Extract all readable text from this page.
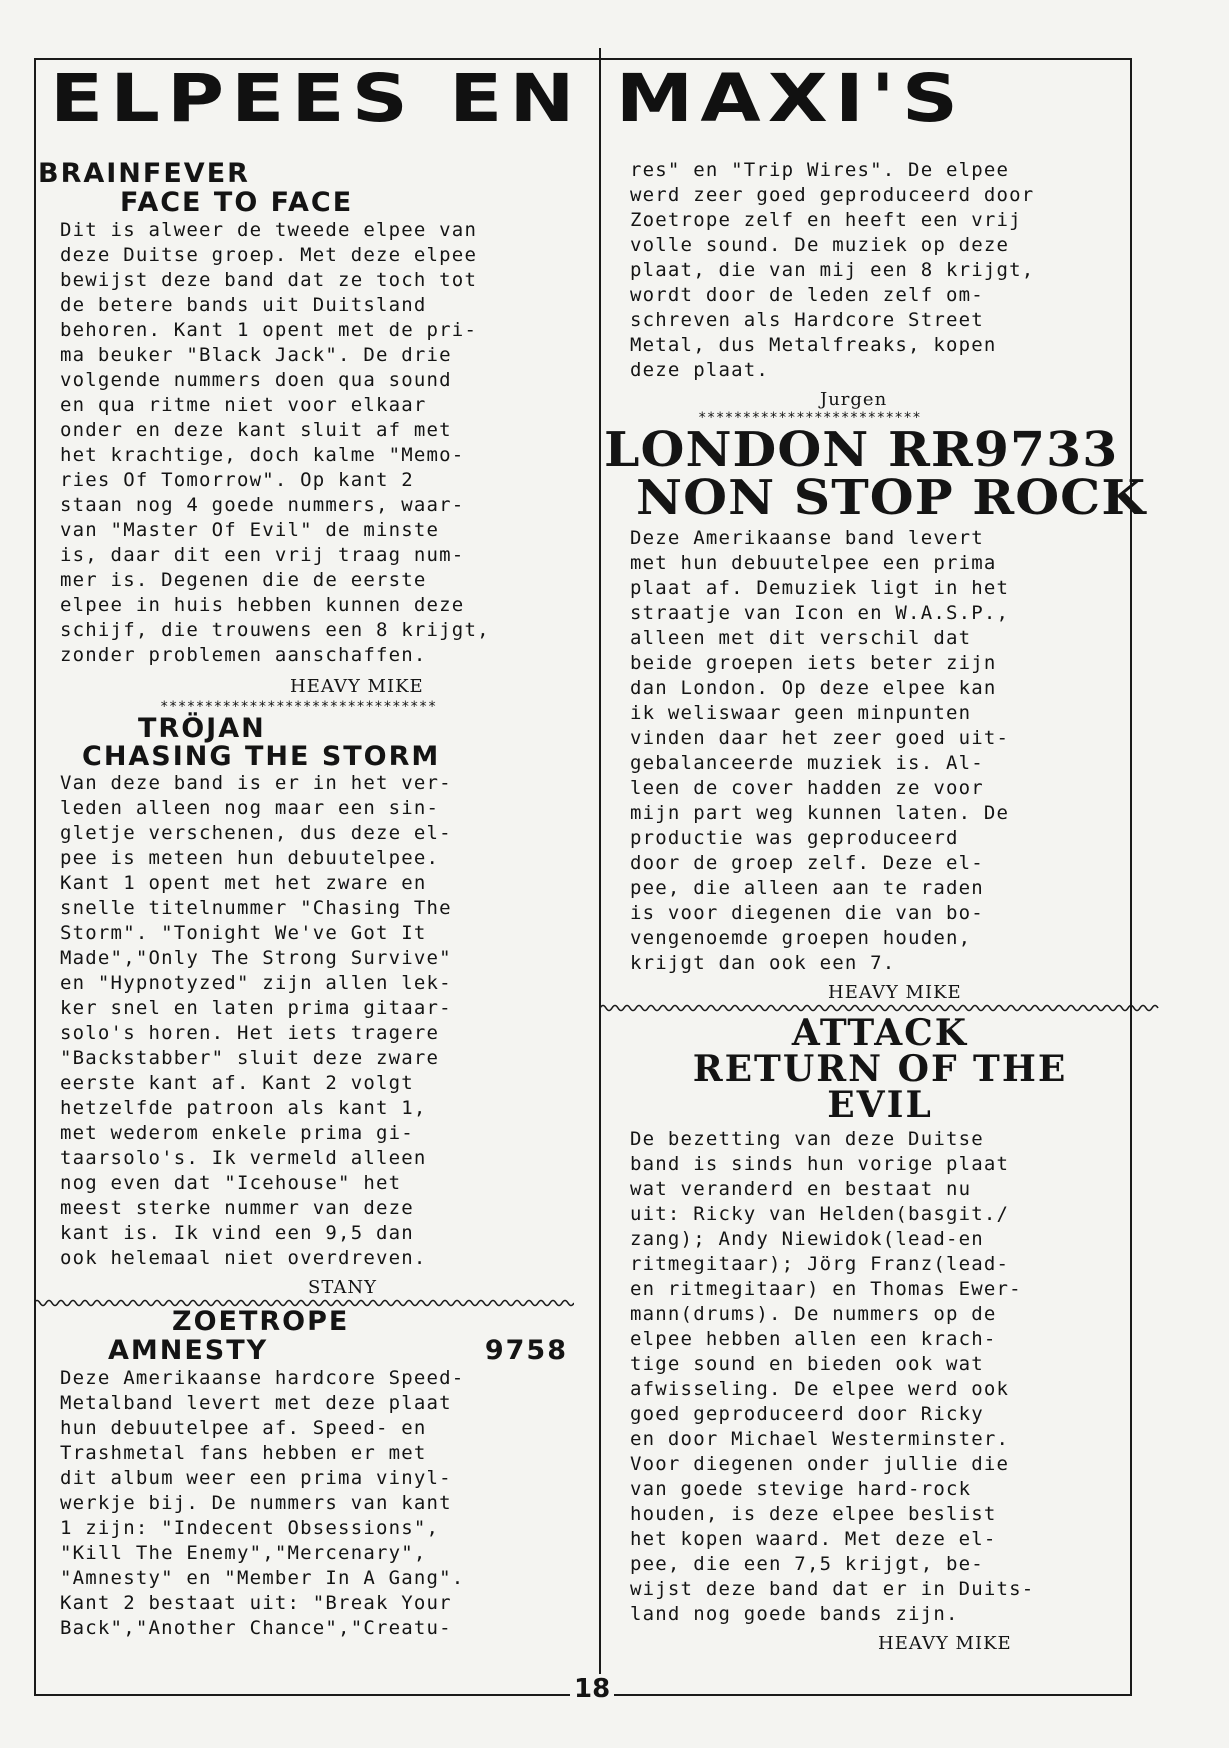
ELPEES EN MAXI'S
BRAINFEVER
FACE TO FACE

Dit is alweer de tweede elpee van
deze Duitse groep. Met deze elpee
bewijst deze band dat ze toch tot
de betere bands uit Duitsland
behoren. Kant 1 opent met de pri-
ma beuker "Black Jack". De drie
volgende nummers doen qua sound
en qua ritme niet voor elkaar
onder en deze kant sluit af met
het krachtige, doch kalme "Memo-
ries Of Tomorrow". Op kant 2
staan nog 4 goede nummers, waar-
van "Master Of Evil" de minste
is, daar dit een vrij traag num-
mer is. Degenen die de eerste
elpee in huis hebben kunnen deze
schijf, die trouwens een 8 krijgt,
zonder problemen aanschaffen.

HEAVY MIKE

*******************************

TRÖJAN
CHASING THE STORM

Van deze band is er in het ver-
leden alleen nog maar een sin-
gletje verschenen, dus deze el-
pee is meteen hun debuutelpee.
Kant 1 opent met het zware en
snelle titelnummer "Chasing The
Storm". "Tonight We've Got It
Made","Only The Strong Survive"
en "Hypnotyzed" zijn allen lek-
ker snel en laten prima gitaar-
solo's horen. Het iets tragere
"Backstabber" sluit deze zware
eerste kant af. Kant 2 volgt
hetzelfde patroon als kant 1,
met wederom enkele prima gi-
taarsolo's. Ik vermeld alleen
nog even dat "Icehouse" het
meest sterke nummer van deze
kant is. Ik vind een 9,5 dan
ook helemaal niet overdreven.

STANY

ZOETROPE
AMNESTY	9758

Deze Amerikaanse hardcore Speed-
Metalband levert met deze plaat
hun debuutelpee af. Speed- en
Trashmetal fans hebben er met
dit album weer een prima vinyl-
werkje bij. De nummers van kant
1 zijn: "Indecent Obsessions",
"Kill The Enemy","Mercenary",
"Amnesty" en "Member In A Gang".
Kant 2 bestaat uit: "Break Your
Back","Another Chance","Creatu-

res" en "Trip Wires". De elpee
werd zeer goed geproduceerd door
Zoetrope zelf en heeft een vrij
volle sound. De muziek op deze
plaat, die van mij een 8 krijgt,
wordt door de leden zelf om-
schreven als Hardcore Street
Metal, dus Metalfreaks, kopen
deze plaat.

Jurgen

*************************

LONDON RR9733
NON STOP ROCK

Deze Amerikaanse band levert
met hun debuutelpee een prima
plaat af. Demuziek ligt in het
straatje van Icon en W.A.S.P.,
alleen met dit verschil dat
beide groepen iets beter zijn
dan London. Op deze elpee kan
ik weliswaar geen minpunten
vinden daar het zeer goed uit-
gebalanceerde muziek is. Al-
leen de cover hadden ze voor
mijn part weg kunnen laten. De
productie was geproduceerd
door de groep zelf. Deze el-
pee, die alleen aan te raden
is voor diegenen die van bo-
vengenoemde groepen houden,
krijgt dan ook een 7.

HEAVY MIKE

ATTACK
RETURN OF THE
EVIL

De bezetting van deze Duitse
band is sinds hun vorige plaat
wat veranderd en bestaat nu
uit: Ricky van Helden(basgit./
zang); Andy Niewidok(lead-en
ritmegitaar); Jörg Franz(lead-
en ritmegitaar) en Thomas Ewer-
mann(drums). De nummers op de
elpee hebben allen een krach-
tige sound en bieden ook wat
afwisseling. De elpee werd ook
goed geproduceerd door Ricky
en door Michael Westerminster.
Voor diegenen onder jullie die
van goede stevige hard-rock
houden, is deze elpee beslist
het kopen waard. Met deze el-
pee, die een 7,5 krijgt, be-
wijst deze band dat er in Duits-
land nog goede bands zijn.

HEAVY MIKE

18
